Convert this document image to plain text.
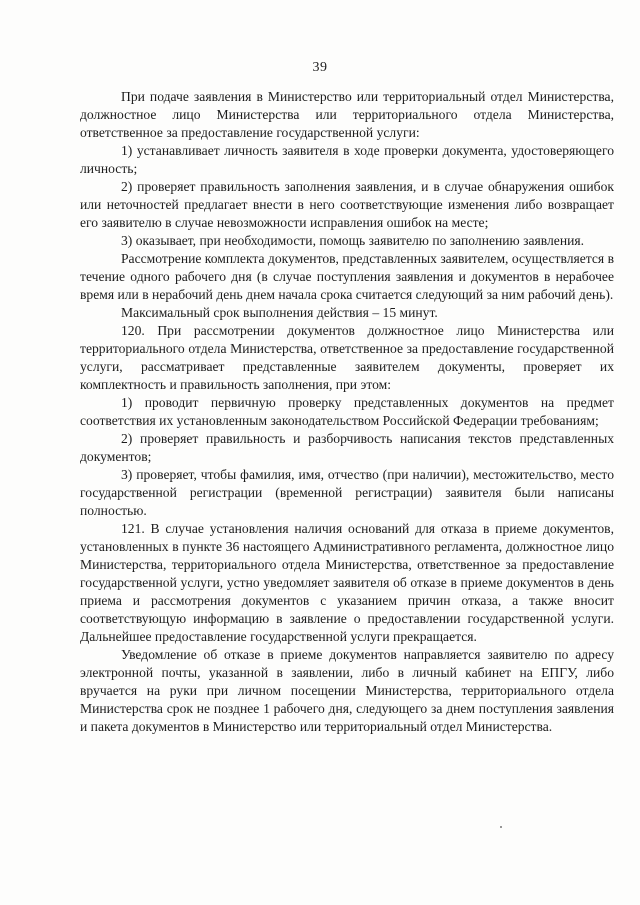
39

При подаче заявления в Министерство или территориальный отдел Министерства, должностное лицо Министерства или территориального отдела Министерства, ответственное за предоставление государственной услуги:

1) устанавливает личность заявителя в ходе проверки документа, удостоверяющего личность;

2) проверяет правильность заполнения заявления, и в случае обнаружения ошибок или неточностей предлагает внести в него соответствующие изменения либо возвращает его заявителю в случае невозможности исправления ошибок на месте;

3) оказывает, при необходимости, помощь заявителю по заполнению заявления.

Рассмотрение комплекта документов, представленных заявителем, осуществляется в течение одного рабочего дня (в случае поступления заявления и документов в нерабочее время или в нерабочий день днем начала срока считается следующий за ним рабочий день).

Максимальный срок выполнения действия – 15 минут.

120. При рассмотрении документов должностное лицо Министерства или территориального отдела Министерства, ответственное за предоставление государственной услуги, рассматривает представленные заявителем документы, проверяет их комплектность и правильность заполнения, при этом:

1) проводит первичную проверку представленных документов на предмет соответствия их установленным законодательством Российской Федерации требованиям;

2) проверяет правильность и разборчивость написания текстов представленных документов;

3) проверяет, чтобы фамилия, имя, отчество (при наличии), местожительство, место государственной регистрации (временной регистрации) заявителя были написаны полностью.

121. В случае установления наличия оснований для отказа в приеме документов, установленных в пункте 36 настоящего Административного регламента, должностное лицо Министерства, территориального отдела Министерства, ответственное за предоставление государственной услуги, устно уведомляет заявителя об отказе в приеме документов в день приема и рассмотрения документов с указанием причин отказа, а также вносит соответствующую информацию в заявление о предоставлении государственной услуги. Дальнейшее предоставление государственной услуги прекращается.

Уведомление об отказе в приеме документов направляется заявителю по адресу электронной почты, указанной в заявлении, либо в личный кабинет на ЕПГУ, либо вручается на руки при личном посещении Министерства, территориального отдела Министерства срок не позднее 1 рабочего дня, следующего за днем поступления заявления и пакета документов в Министерство или территориальный отдел Министерства.
